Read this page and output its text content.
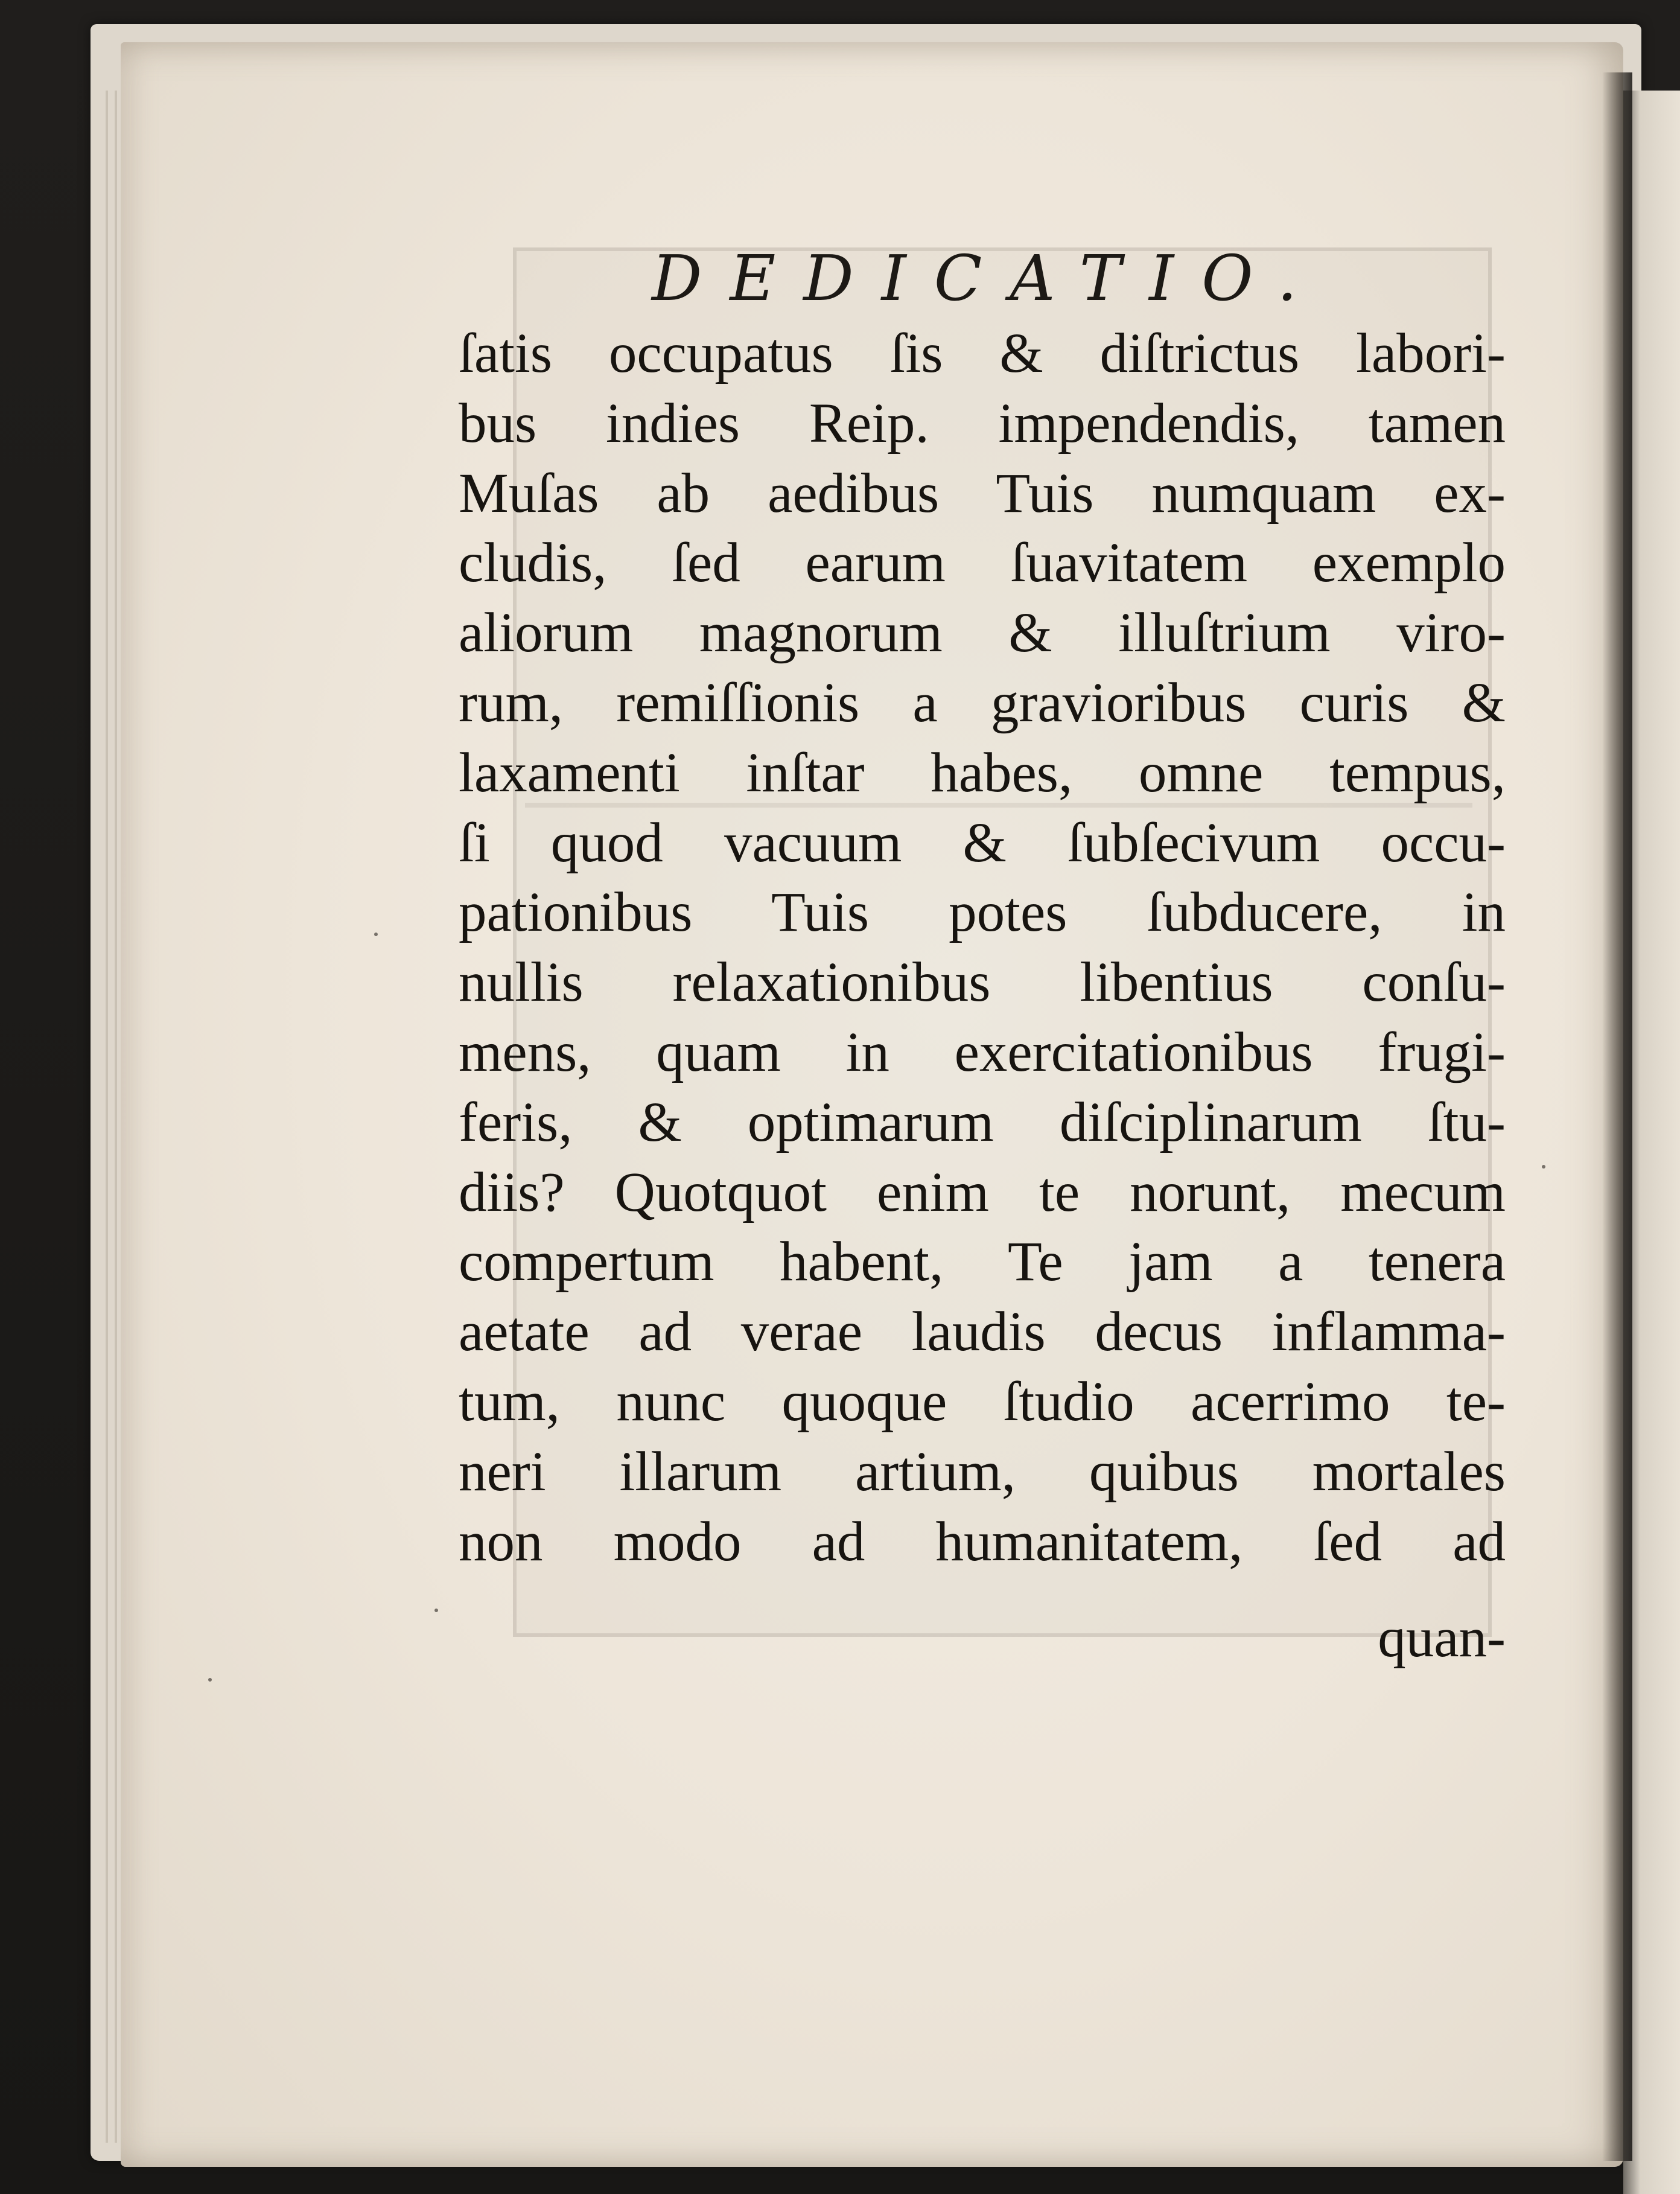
DEDICATIO.
ſatis occupatus ſis & diſtrictus labori-
bus indies Reip. impendendis, tamen
Muſas ab aedibus Tuis numquam ex-
cludis, ſed earum ſuavitatem exemplo
aliorum magnorum & illuſtrium viro-
rum, remiſſionis a gravioribus curis &
laxamenti inſtar habes, omne tempus,
ſi quod vacuum & ſubſecivum occu-
pationibus Tuis potes ſubducere, in
nullis relaxationibus libentius conſu-
mens, quam in exercitationibus frugi-
feris, & optimarum diſciplinarum ſtu-
diis? Quotquot enim te norunt, mecum
compertum habent, Te jam a tenera
aetate ad verae laudis decus inflamma-
tum, nunc quoque ſtudio acerrimo te-
neri illarum artium, quibus mortales
non modo ad humanitatem, ſed ad
quan-
